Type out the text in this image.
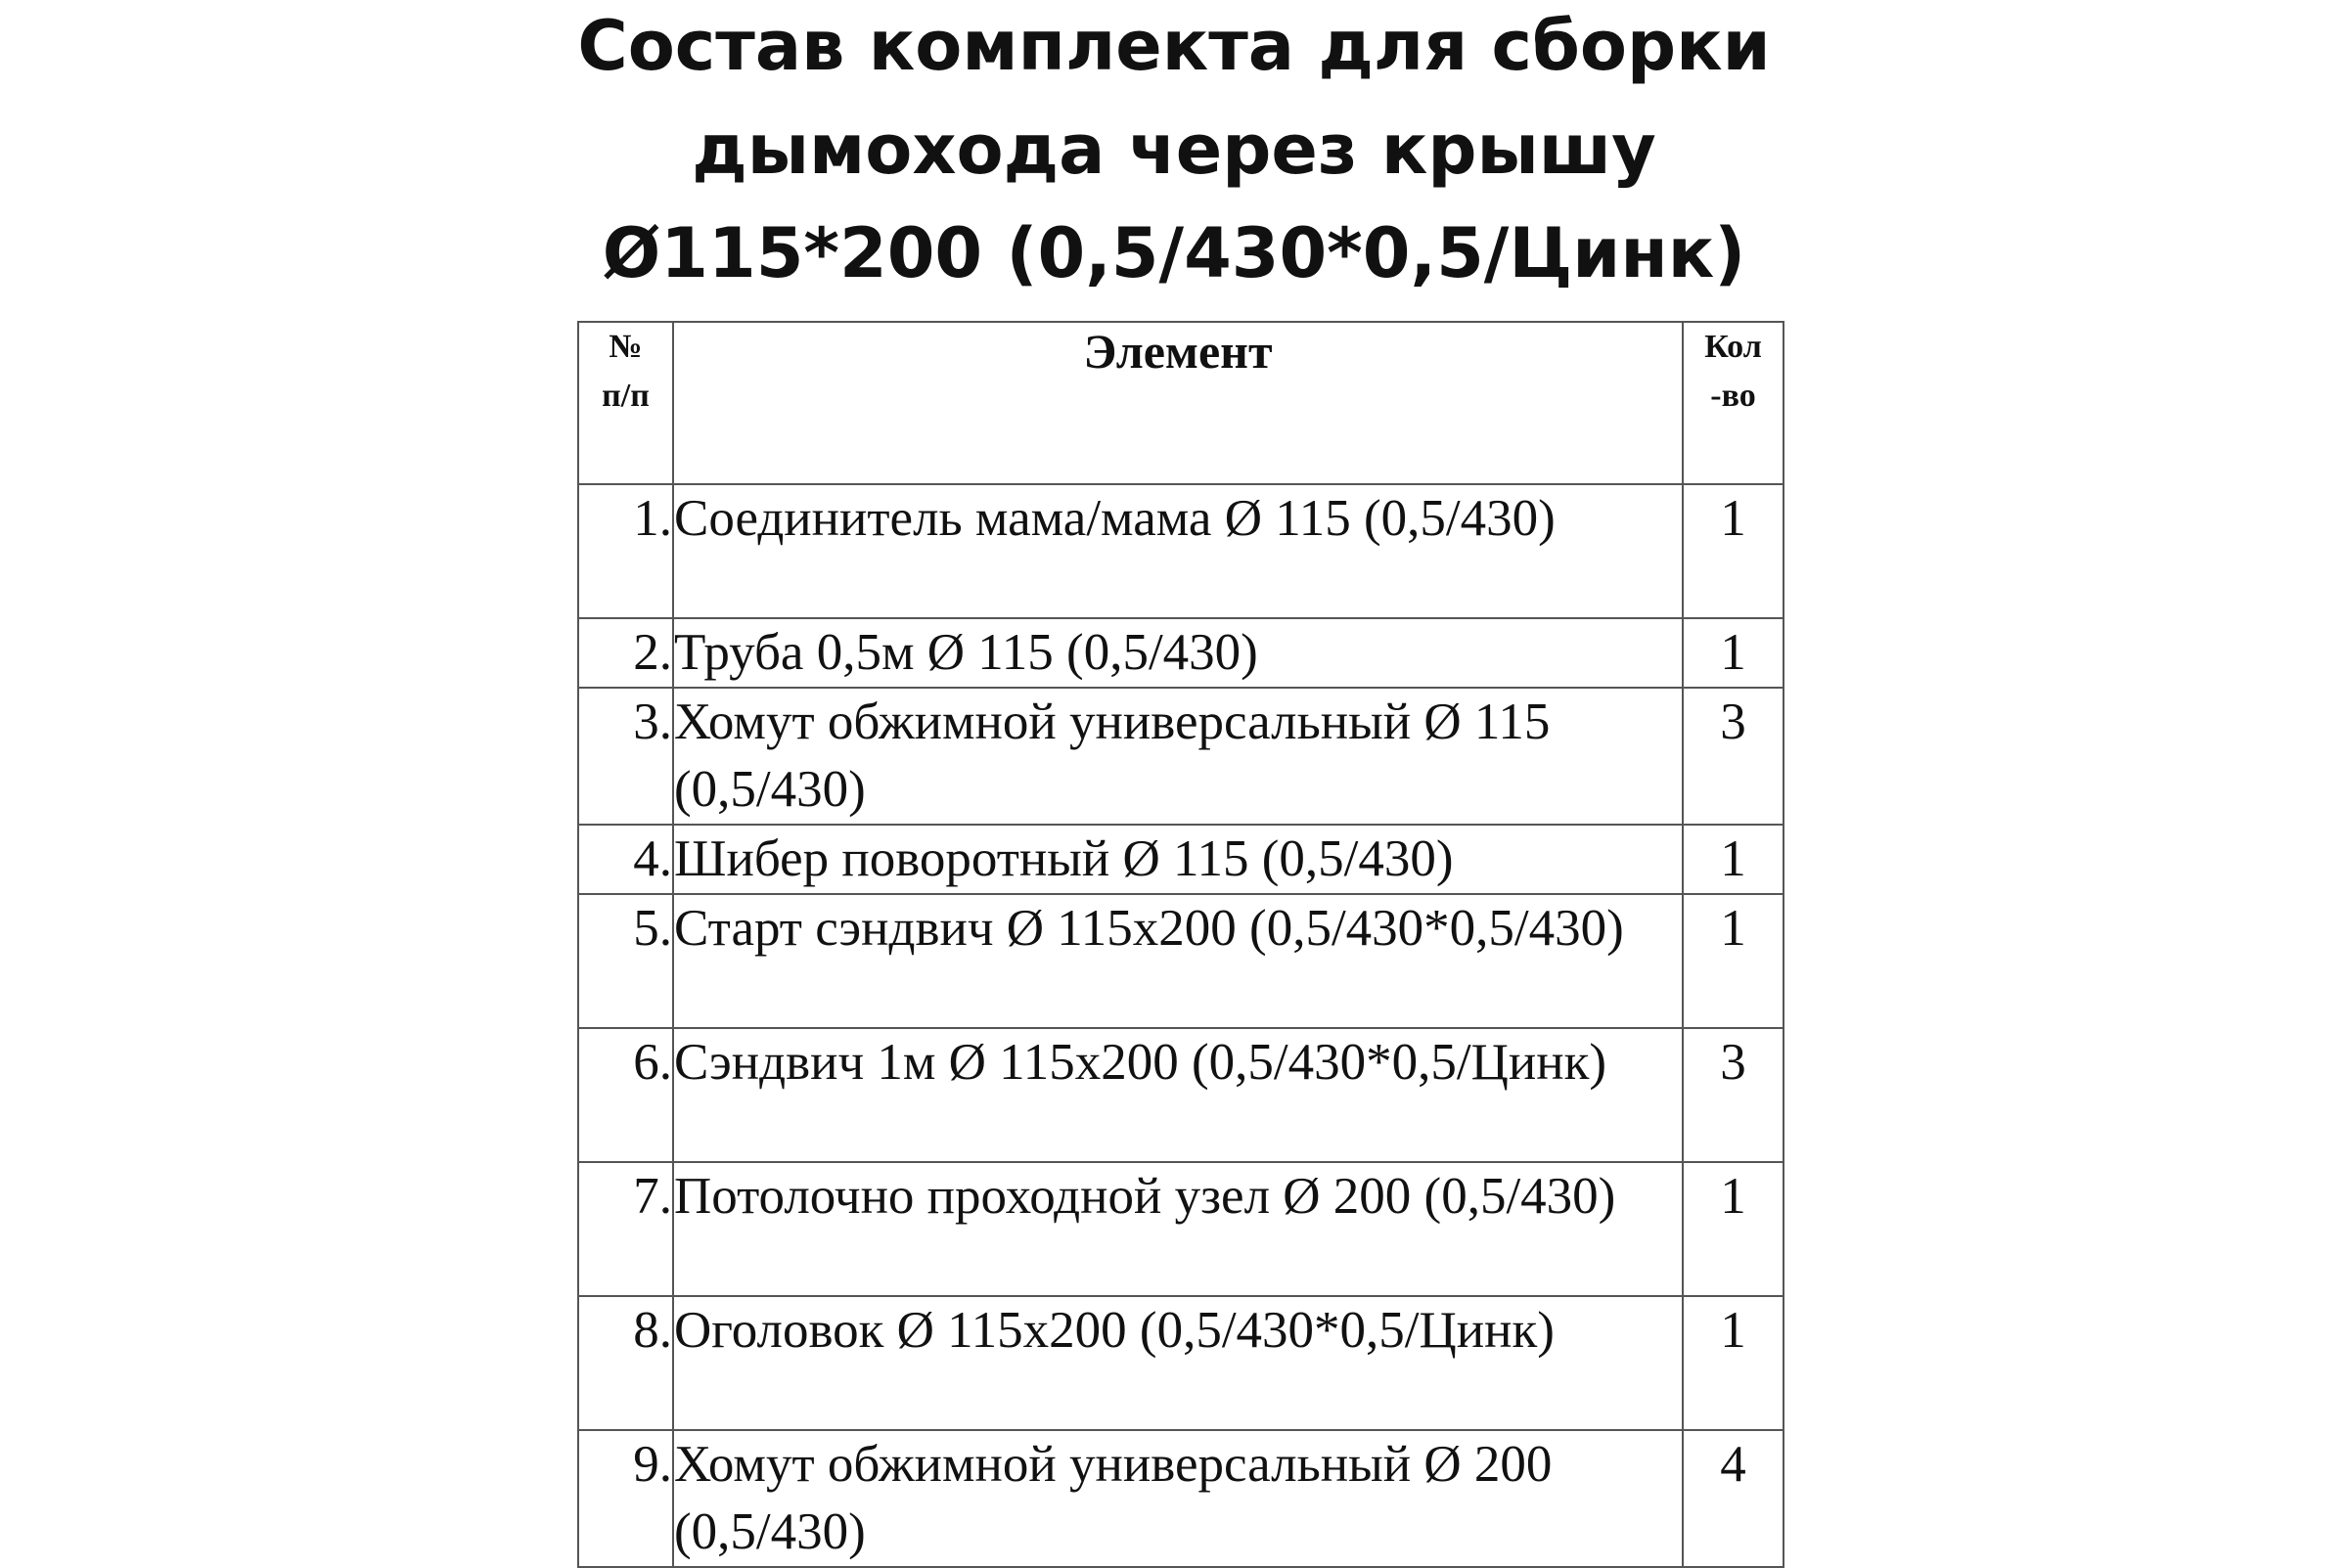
Состав комплекта для сборки
дымохода через крышу
Ø115*200 (0,5/430*0,5/Цинк)
№
п/п	Элемент	Кол
-во

1.	Соединитель мама/мама Ø 115 (0,5/430)	1
2.	Труба 0,5м Ø 115 (0,5/430)	1
3.	Хомут обжимной универсальный Ø 115 (0,5/430)	3
4.	Шибер поворотный Ø 115 (0,5/430)	1
5.	Старт сэндвич Ø 115х200 (0,5/430*0,5/430)	1
6.	Сэндвич 1м Ø 115х200 (0,5/430*0,5/Цинк)	3
7.	Потолочно проходной узел Ø 200 (0,5/430)	1
8.	Оголовок Ø 115х200 (0,5/430*0,5/Цинк)	1
9.	Хомут обжимной универсальный Ø 200 (0,5/430)	4
